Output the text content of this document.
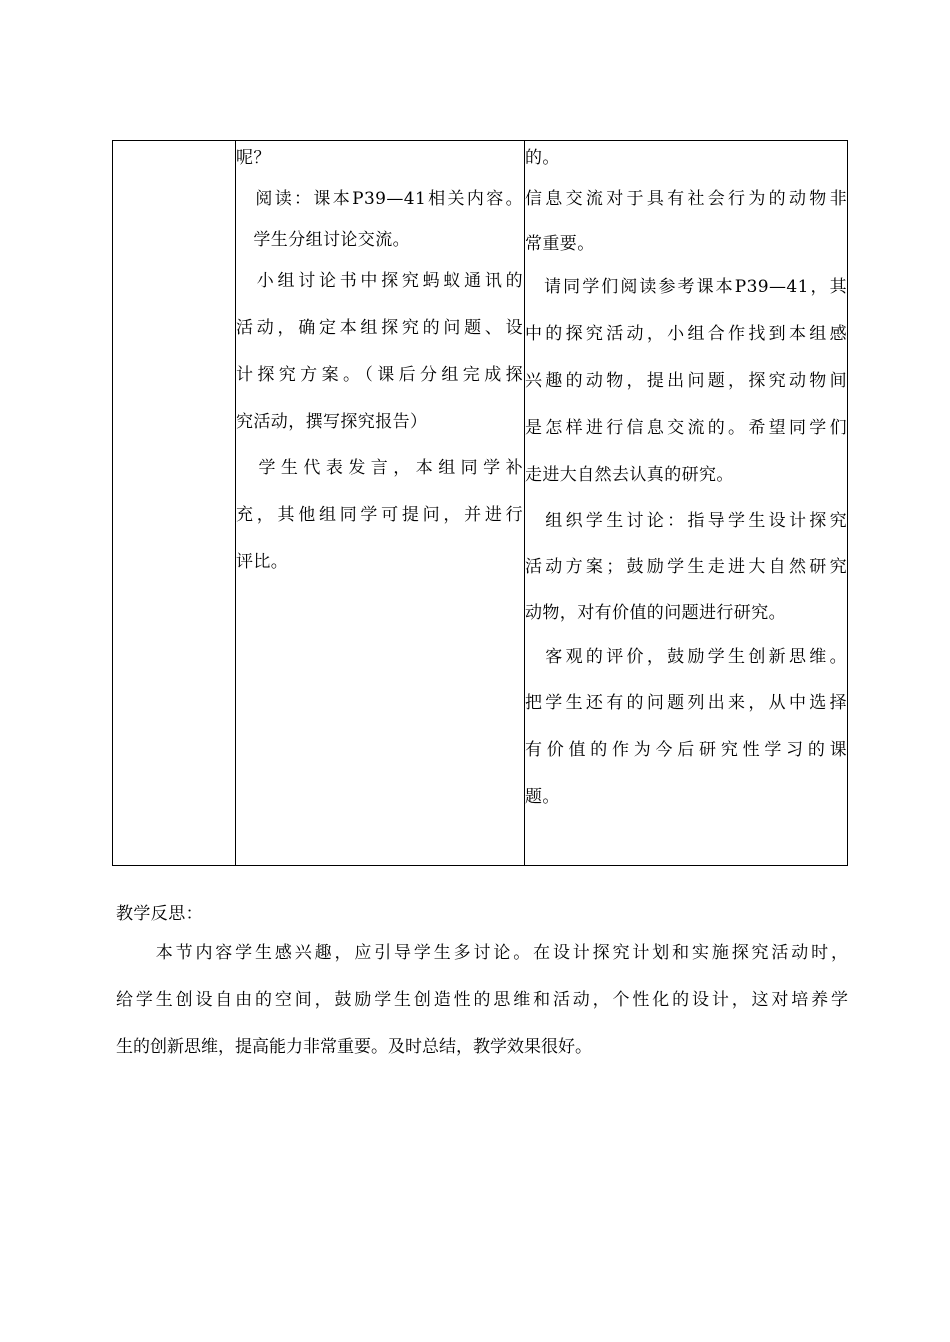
呢？
　阅读：课本P39—41相关内容。
　学生分组讨论交流。
　小组讨论书中探究蚂蚁通讯的
活动，确定本组探究的问题、设
计探究方案。（课后分组完成探
究活动，撰写探究报告）
　学生代表发言，本组同学补
充，其他组同学可提问，并进行
评比。
的。
信息交流对于具有社会行为的动物非
常重要。
　请同学们阅读参考课本P39—41，其
中的探究活动，小组合作找到本组感
兴趣的动物，提出问题，探究动物间
是怎样进行信息交流的。希望同学们
走进大自然去认真的研究。
　组织学生讨论：指导学生设计探究
活动方案；鼓励学生走进大自然研究
动物，对有价值的问题进行研究。
　客观的评价，鼓励学生创新思维。
把学生还有的问题列出来，从中选择
有价值的作为今后研究性学习的课
题。
教学反思：
　　本节内容学生感兴趣，应引导学生多讨论。在设计探究计划和实施探究活动时，
给学生创设自由的空间，鼓励学生创造性的思维和活动，个性化的设计，这对培养学
生的创新思维，提高能力非常重要。及时总结，教学效果很好。
